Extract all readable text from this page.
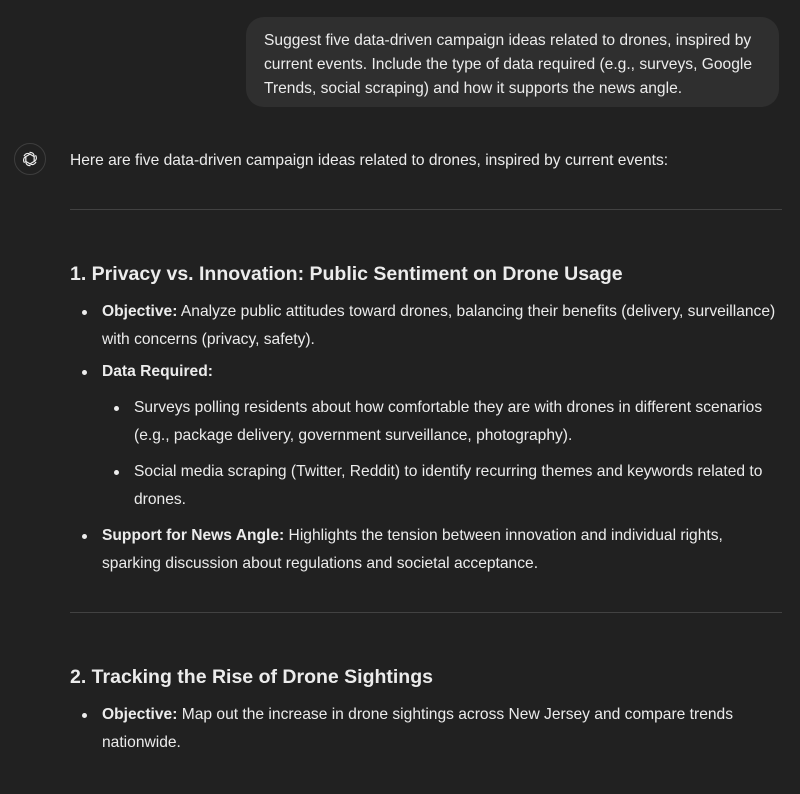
Suggest five data-driven campaign ideas related to drones, inspired by current events. Include the type of data required (e.g., surveys, Google Trends, social scraping) and how it supports the news angle.

Here are five data-driven campaign ideas related to drones, inspired by current events:

1. Privacy vs. Innovation: Public Sentiment on Drone Usage
Objective: Analyze public attitudes toward drones, balancing their benefits (delivery, surveillance) with concerns (privacy, safety).
Data Required:
Surveys polling residents about how comfortable they are with drones in different scenarios (e.g., package delivery, government surveillance, photography).
Social media scraping (Twitter, Reddit) to identify recurring themes and keywords related to drones.
Support for News Angle: Highlights the tension between innovation and individual rights, sparking discussion about regulations and societal acceptance.
2. Tracking the Rise of Drone Sightings
Objective: Map out the increase in drone sightings across New Jersey and compare trends nationwide.
